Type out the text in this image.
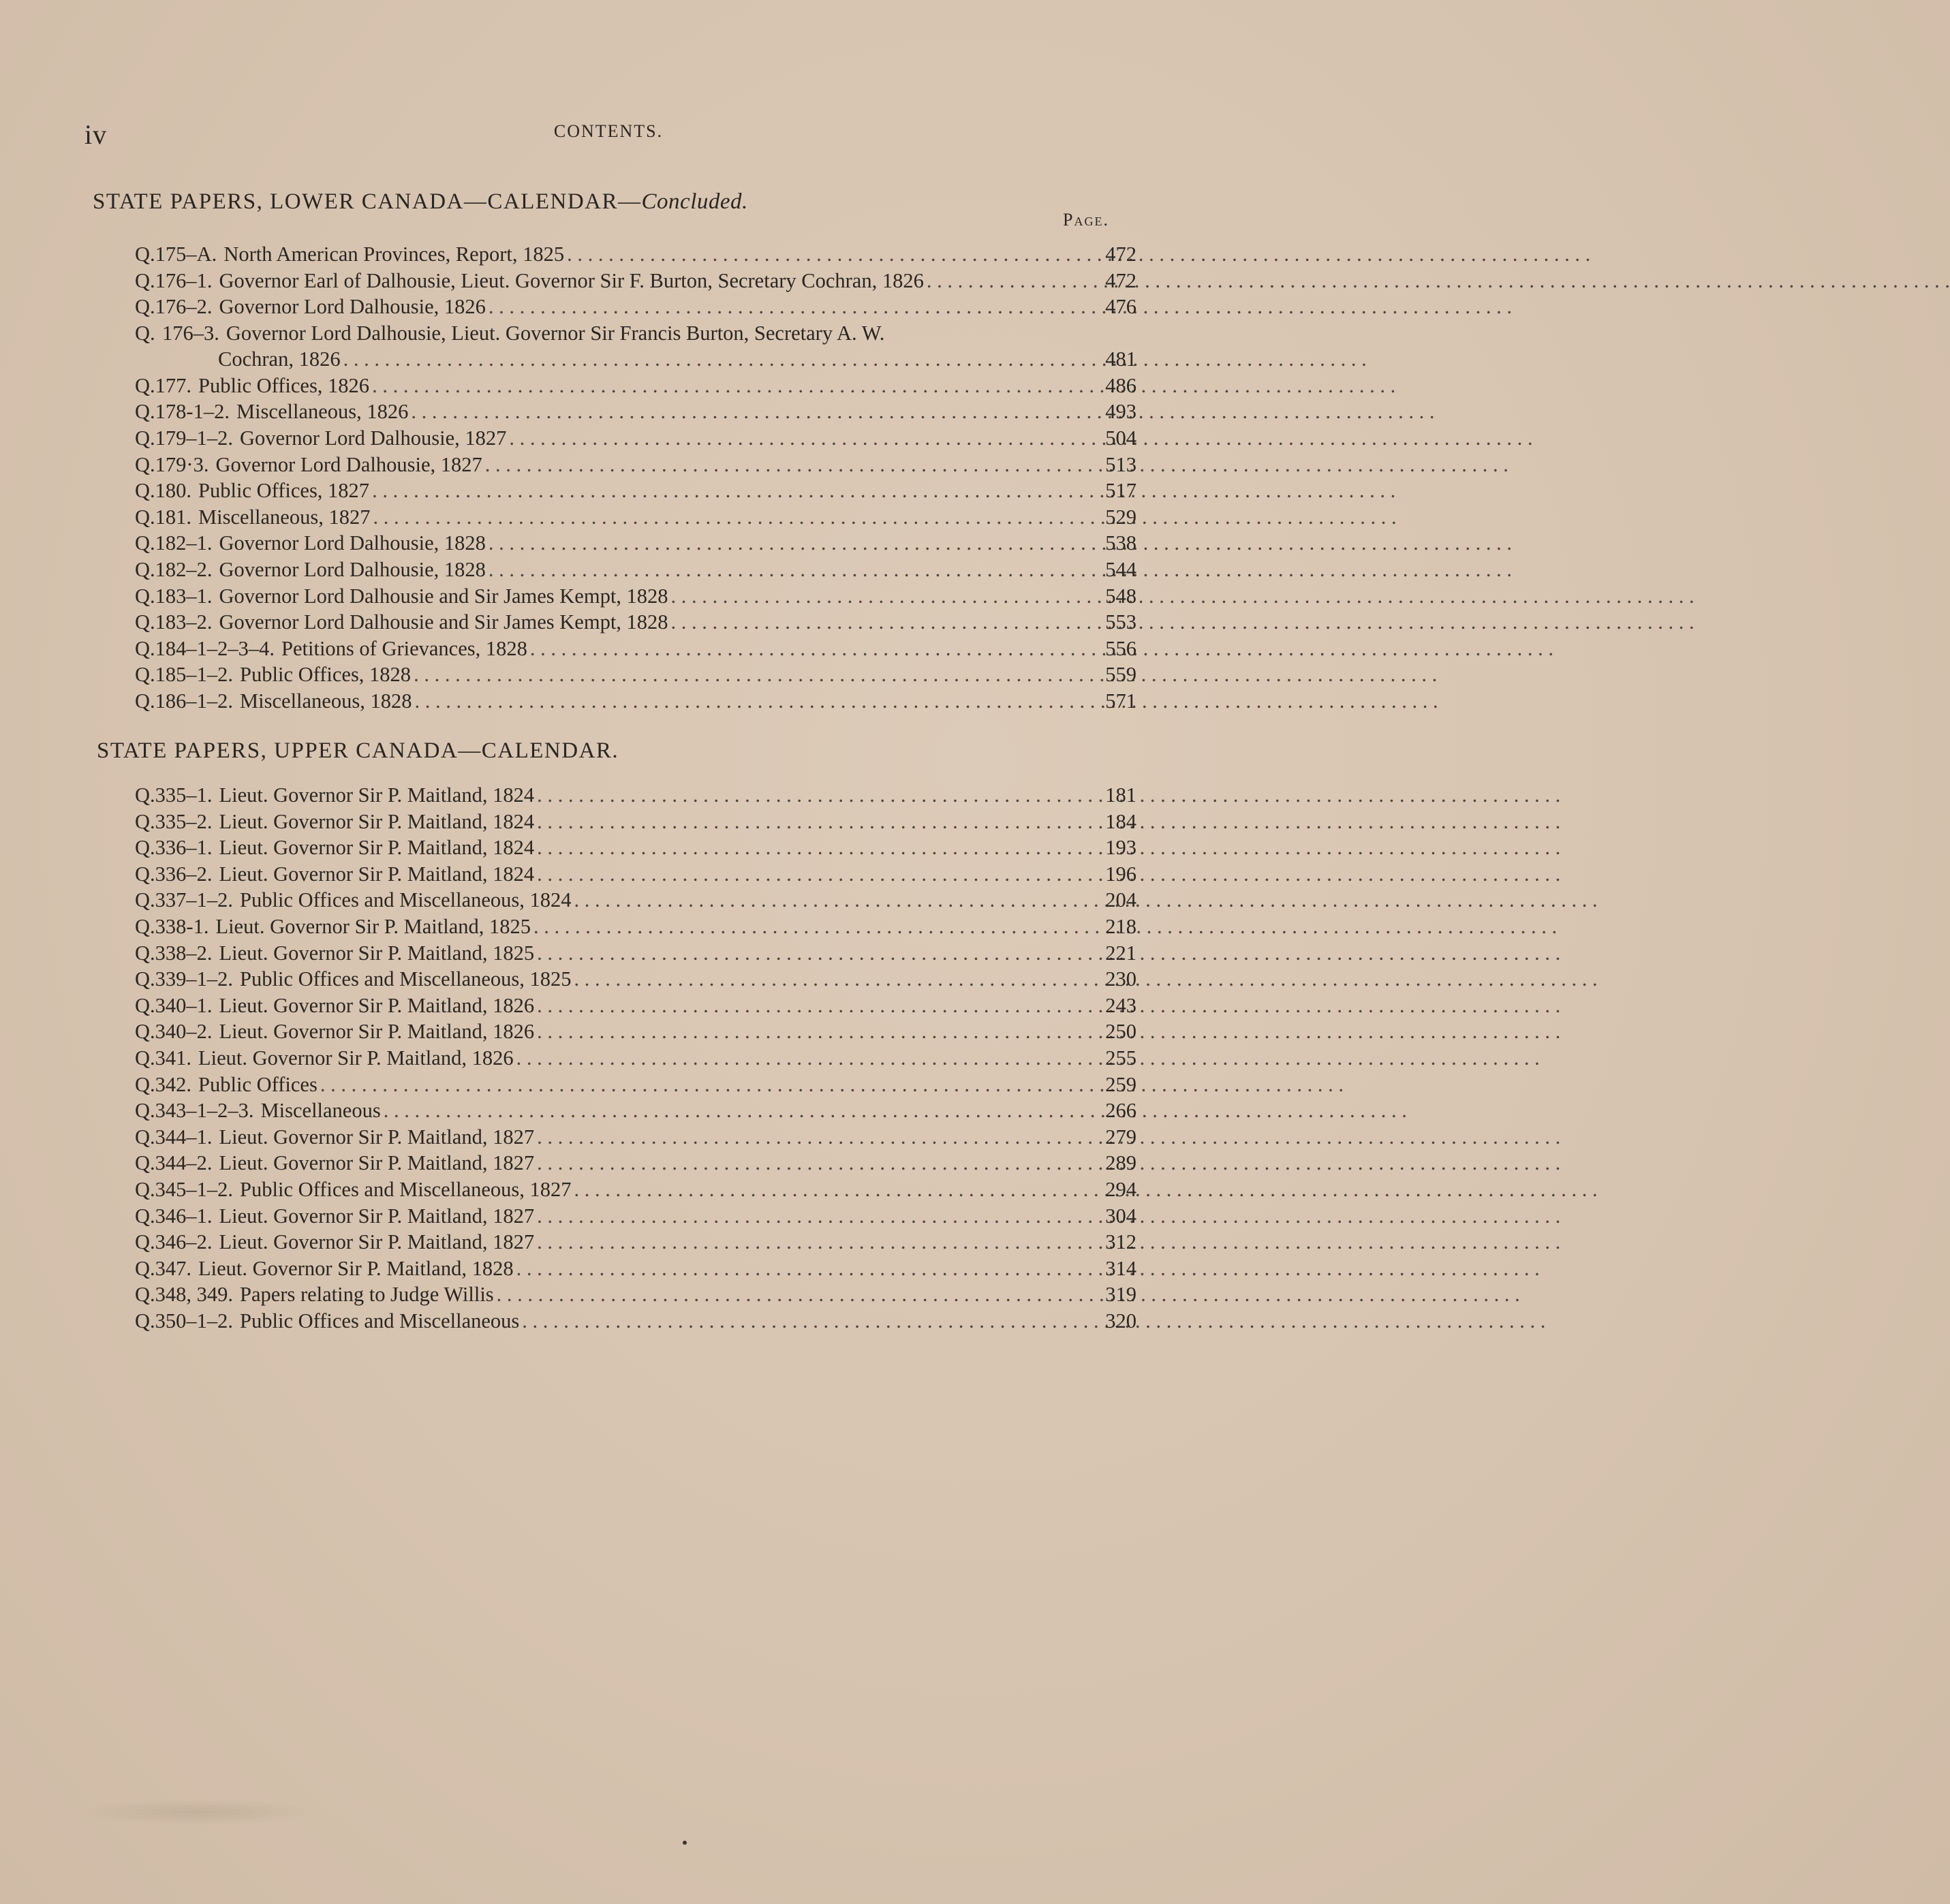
iv	CONTENTS.
STATE PAPERS, LOWER CANADA—CALENDAR—Concluded.
Page.
Q. 175–A. North American Provinces, Report, 1825 . . .	472
Q. 176–1. Governor Earl of Dalhousie, Lieut. Governor Sir F. Burton, Secretary Cochran, 1826 . . .	472
Q. 176–2. Governor Lord Dalhousie, 1826 . . .	476
Q. 176–3. Governor Lord Dalhousie, Lieut. Governor Sir Francis Burton, Secretary A. W.
Cochran, 1826 . . .	481
Q. 177. Public Offices, 1826 . . .	486
Q. 178-1–2. Miscellaneous, 1826 . . .	493
Q. 179–1–2. Governor Lord Dalhousie, 1827 . . .	504
Q. 179·3. Governor Lord Dalhousie, 1827 . . .	513
Q. 180. Public Offices, 1827 . . .	517
Q. 181. Miscellaneous, 1827 . . .	529
Q. 182–1. Governor Lord Dalhousie, 1828 . . .	538
Q. 182–2. Governor Lord Dalhousie, 1828 . . .	544
Q. 183–1. Governor Lord Dalhousie and Sir James Kempt, 1828 . . .	548
Q. 183–2. Governor Lord Dalhousie and Sir James Kempt, 1828 . . .	553
Q. 184–1–2–3–4. Petitions of Grievances, 1828 . . .	556
Q. 185–1–2. Public Offices, 1828 . . .	559
Q. 186–1–2. Miscellaneous, 1828 . . .	571
STATE PAPERS, UPPER CANADA—CALENDAR.
Q. 335–1. Lieut. Governor Sir P. Maitland, 1824 . . .	181
Q. 335–2. Lieut. Governor Sir P. Maitland, 1824 . . .	184
Q. 336–1. Lieut. Governor Sir P. Maitland, 1824 . . .	193
Q. 336–2. Lieut. Governor Sir P. Maitland, 1824 . . .	196
Q. 337–1–2. Public Offices and Miscellaneous, 1824 . . .	204
Q. 338-1. Lieut. Governor Sir P. Maitland, 1825 . . .	218
Q. 338–2. Lieut. Governor Sir P. Maitland, 1825 . . .	221
Q. 339–1–2. Public Offices and Miscellaneous, 1825 . . .	230
Q. 340–1. Lieut. Governor Sir P. Maitland, 1826 . . .	243
Q. 340–2. Lieut. Governor Sir P. Maitland, 1826 . . .	250
Q. 341. Lieut. Governor Sir P. Maitland, 1826 . . .	255
Q. 342. Public Offices . . .	259
Q. 343–1–2–3. Miscellaneous . . .	266
Q. 344–1. Lieut. Governor Sir P. Maitland, 1827 . . .	279
Q. 344–2. Lieut. Governor Sir P. Maitland, 1827 . . .	289
Q. 345–1–2. Public Offices and Miscellaneous, 1827 . . .	294
Q. 346–1. Lieut. Governor Sir P. Maitland, 1827 . . .	304
Q. 346–2. Lieut. Governor Sir P. Maitland, 1827 . . .	312
Q. 347. Lieut. Governor Sir P. Maitland, 1828 . . .	314
Q. 348, 349. Papers relating to Judge Willis . . .	319
Q. 350–1–2. Public Offices and Miscellaneous . . .	320
